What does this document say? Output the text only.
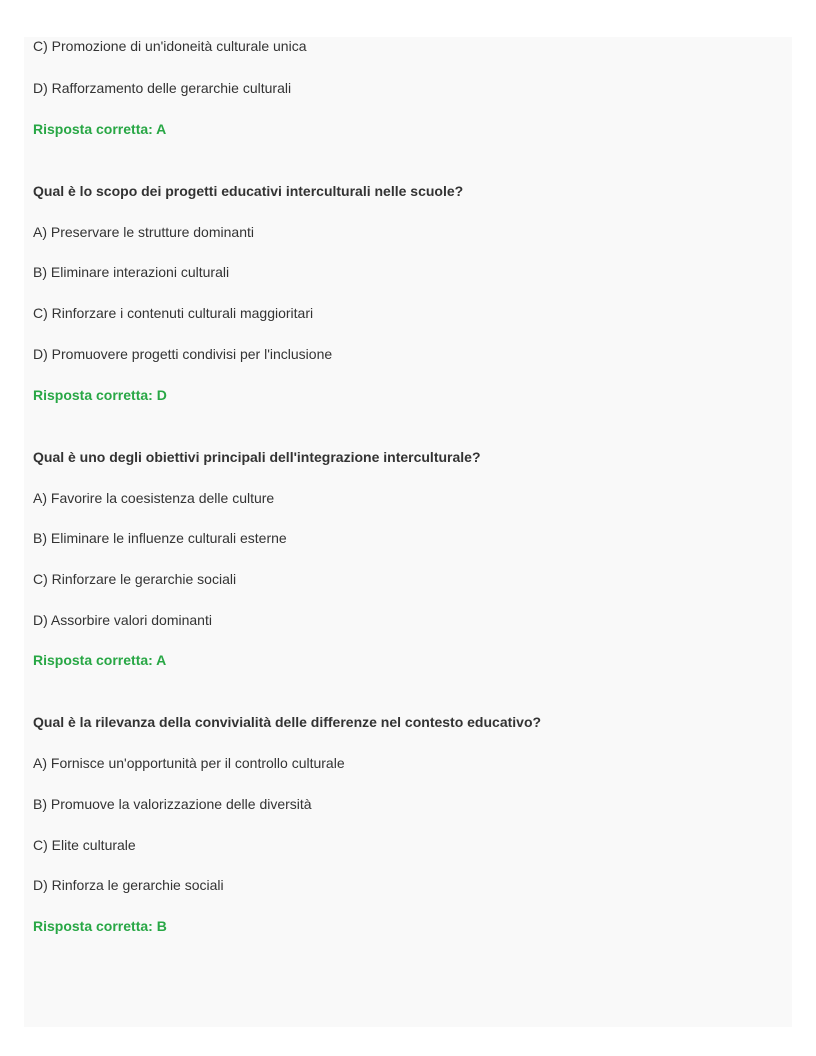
C) Promozione di un'idoneità culturale unica
D) Rafforzamento delle gerarchie culturali
Risposta corretta: A
Qual è lo scopo dei progetti educativi interculturali nelle scuole?
A) Preservare le strutture dominanti
B) Eliminare interazioni culturali
C) Rinforzare i contenuti culturali maggioritari
D) Promuovere progetti condivisi per l'inclusione
Risposta corretta: D
Qual è uno degli obiettivi principali dell'integrazione interculturale?
A) Favorire la coesistenza delle culture
B) Eliminare le influenze culturali esterne
C) Rinforzare le gerarchie sociali
D) Assorbire valori dominanti
Risposta corretta: A
Qual è la rilevanza della convivialità delle differenze nel contesto educativo?
A) Fornisce un'opportunità per il controllo culturale
B) Promuove la valorizzazione delle diversità
C) Elite culturale
D) Rinforza le gerarchie sociali
Risposta corretta: B
